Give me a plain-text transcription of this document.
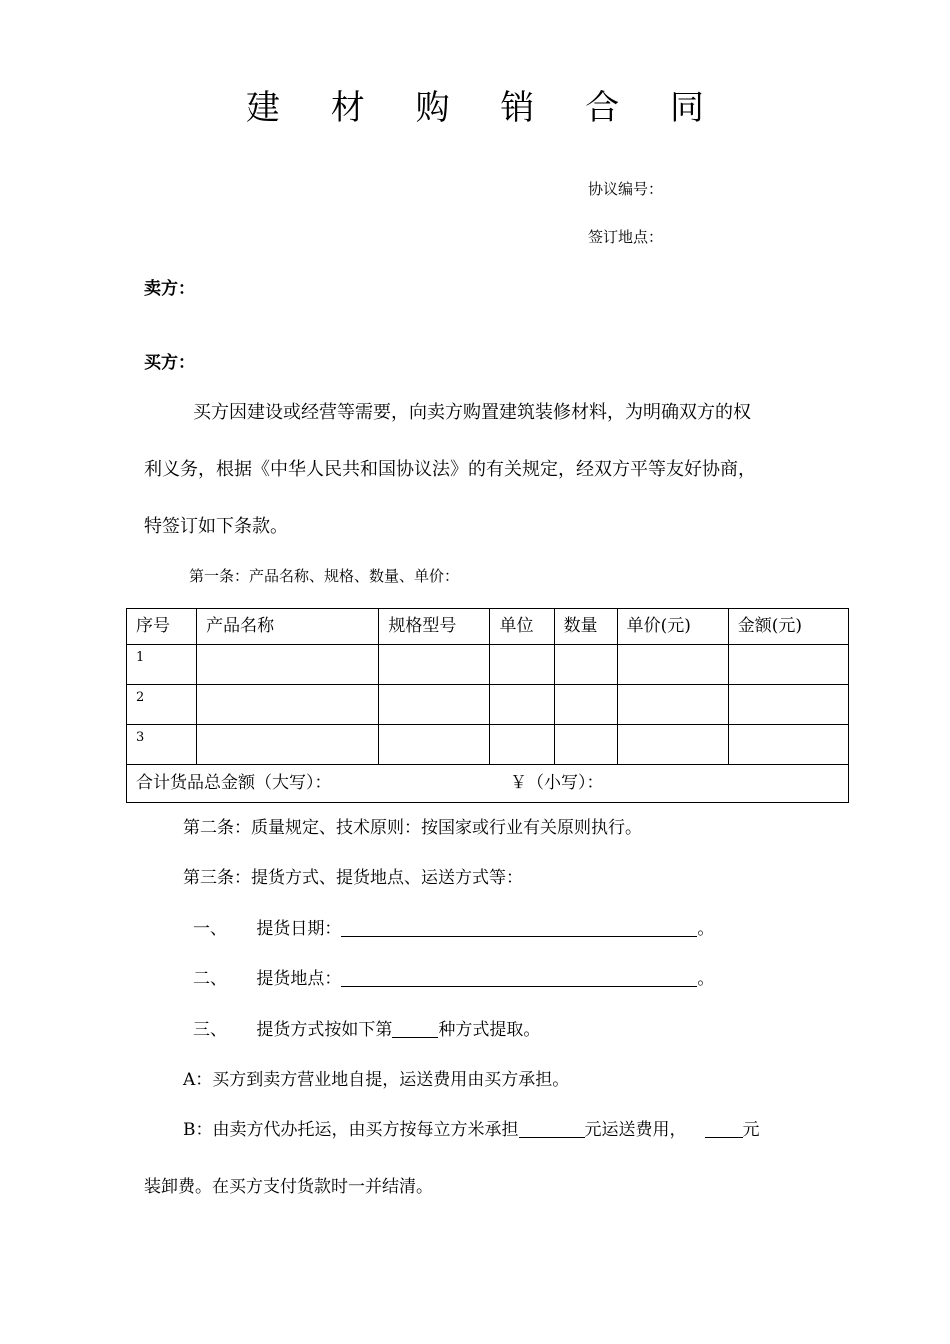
建 材 购 销 合 同
协议编号：
签订地点：
卖方：
买方：
买方因建设或经营等需要，向卖方购置建筑装修材料，为明确双方的权
利义务，根据《中华人民共和国协议法》的有关规定，经双方平等友好协商，
特签订如下条款。
第一条：产品名称、规格、数量、单价：
序号	产品名称	规格型号	单位	数量	单价(元)	金额(元)
1						
2						
3						
合计货品总金额（大写）： ￥（小写）：						
第二条：质量规定、技术原则：按国家或行业有关原则执行。
第三条：提货方式、提货地点、运送方式等：
一、 提货日期：	。
二、 提货地点：	。
三、 提货方式按如下第	种方式提取。
A：买方到卖方营业地自提，运送费用由买方承担。
B：由卖方代办托运，由买方按每立方米承担	元运送费用，	元
装卸费。在买方支付货款时一并结清。
